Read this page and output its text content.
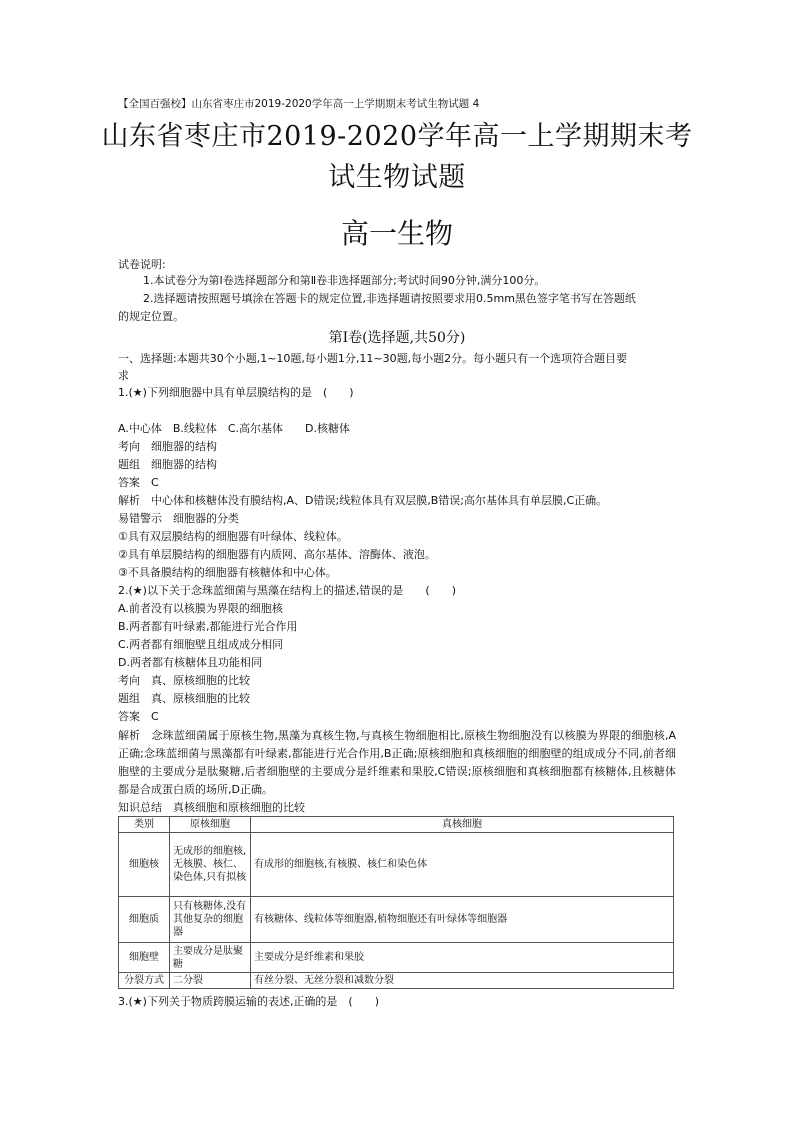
【全国百强校】山东省枣庄市2019-2020学年高一上学期期末考试生物试题 4
山东省枣庄市2019-2020学年高一上学期期末考
试生物试题
高一生物
试卷说明:
1.本试卷分为第Ⅰ卷选择题部分和第Ⅱ卷非选择题部分;考试时间90分钟,满分100分。
2.选择题请按照题号填涂在答题卡的规定位置,非选择题请按照要求用0.5mm黑色签字笔书写在答题纸
的规定位置。
第Ⅰ卷(选择题,共50分)
一、选择题:本题共30个小题,1~10题,每小题1分,11~30题,每小题2分。每小题只有一个选项符合题目要
求
1.(★)下列细胞器中具有单层膜结构的是　(　　)
A.中心体　B.线粒体　C.高尔基体　　D.核糖体
考向　细胞器的结构
题组　细胞器的结构
答案　C
解析　中心体和核糖体没有膜结构,A、D错误;线粒体具有双层膜,B错误;高尔基体具有单层膜,C正确。
易错警示　细胞器的分类
①具有双层膜结构的细胞器有叶绿体、线粒体。
②具有单层膜结构的细胞器有内质网、高尔基体、溶酶体、液泡。
③不具备膜结构的细胞器有核糖体和中心体。
2.(★)以下关于念珠蓝细菌与黑藻在结构上的描述,错误的是　　(　　)
A.前者没有以核膜为界限的细胞核
B.两者都有叶绿素,都能进行光合作用
C.两者都有细胞壁且组成成分相同
D.两者都有核糖体且功能相同
考向　真、原核细胞的比较
题组　真、原核细胞的比较
答案　C
解析　念珠蓝细菌属于原核生物,黑藻为真核生物,与真核生物细胞相比,原核生物细胞没有以核膜为界限的细胞核,A正确;念珠蓝细菌与黑藻都有叶绿素,都能进行光合作用,B正确;原核细胞和真核细胞的细胞壁的组成成分不同,前者细胞壁的主要成分是肽聚糖,后者细胞壁的主要成分是纤维素和果胶,C错误;原核细胞和真核细胞都有核糖体,且核糖体都是合成蛋白质的场所,D正确。
知识总结　真核细胞和原核细胞的比较
类别	原核细胞	真核细胞
细胞核	无成形的细胞核,无核膜、核仁、染色体,只有拟核	有成形的细胞核,有核膜、核仁和染色体
细胞质	只有核糖体,没有其他复杂的细胞器	有核糖体、线粒体等细胞器,植物细胞还有叶绿体等细胞器
细胞壁	主要成分是肽聚糖	主要成分是纤维素和果胶
分裂方式	二分裂	有丝分裂、无丝分裂和减数分裂
3.(★)下列关于物质跨膜运输的表述,正确的是　(　　)
